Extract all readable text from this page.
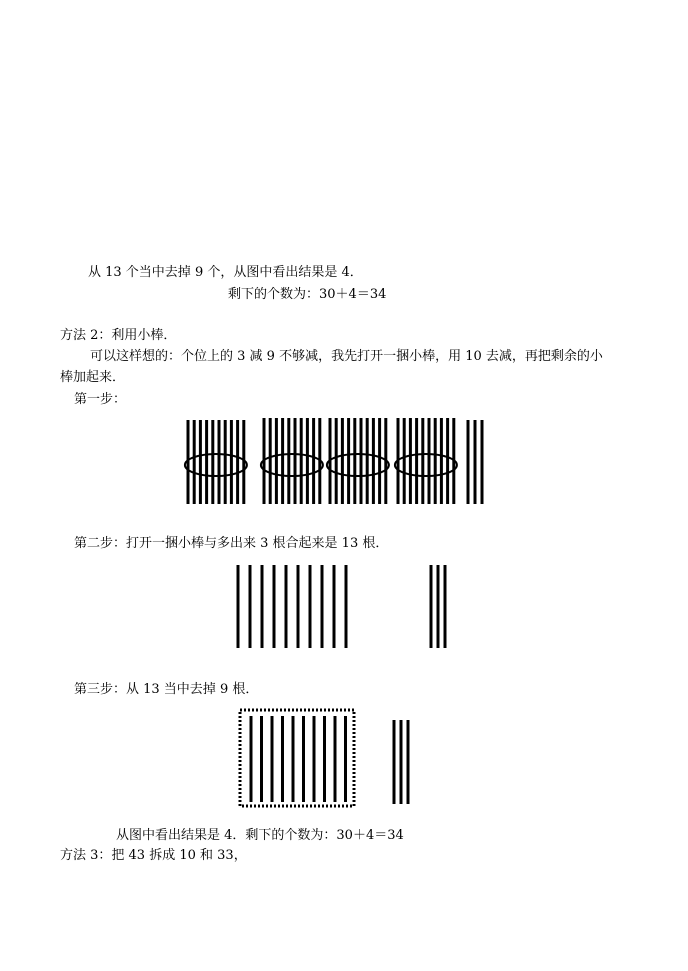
从 13 个当中去掉 9 个，从图中看出结果是 4．
剩下的个数为：30＋4＝34
方法 2：利用小棒．
可以这样想的：个位上的 3 减 9 不够减，我先打开一捆小棒，用 10 去减，再把剩余的小
棒加起来．
第一步：
第二步：打开一捆小棒与多出来 3 根合起来是 13 根．
第三步：从 13 当中去掉 9 根．
从图中看出结果是 4．剩下的个数为：30＋4＝34
方法 3：把 43 拆成 10 和 33，
